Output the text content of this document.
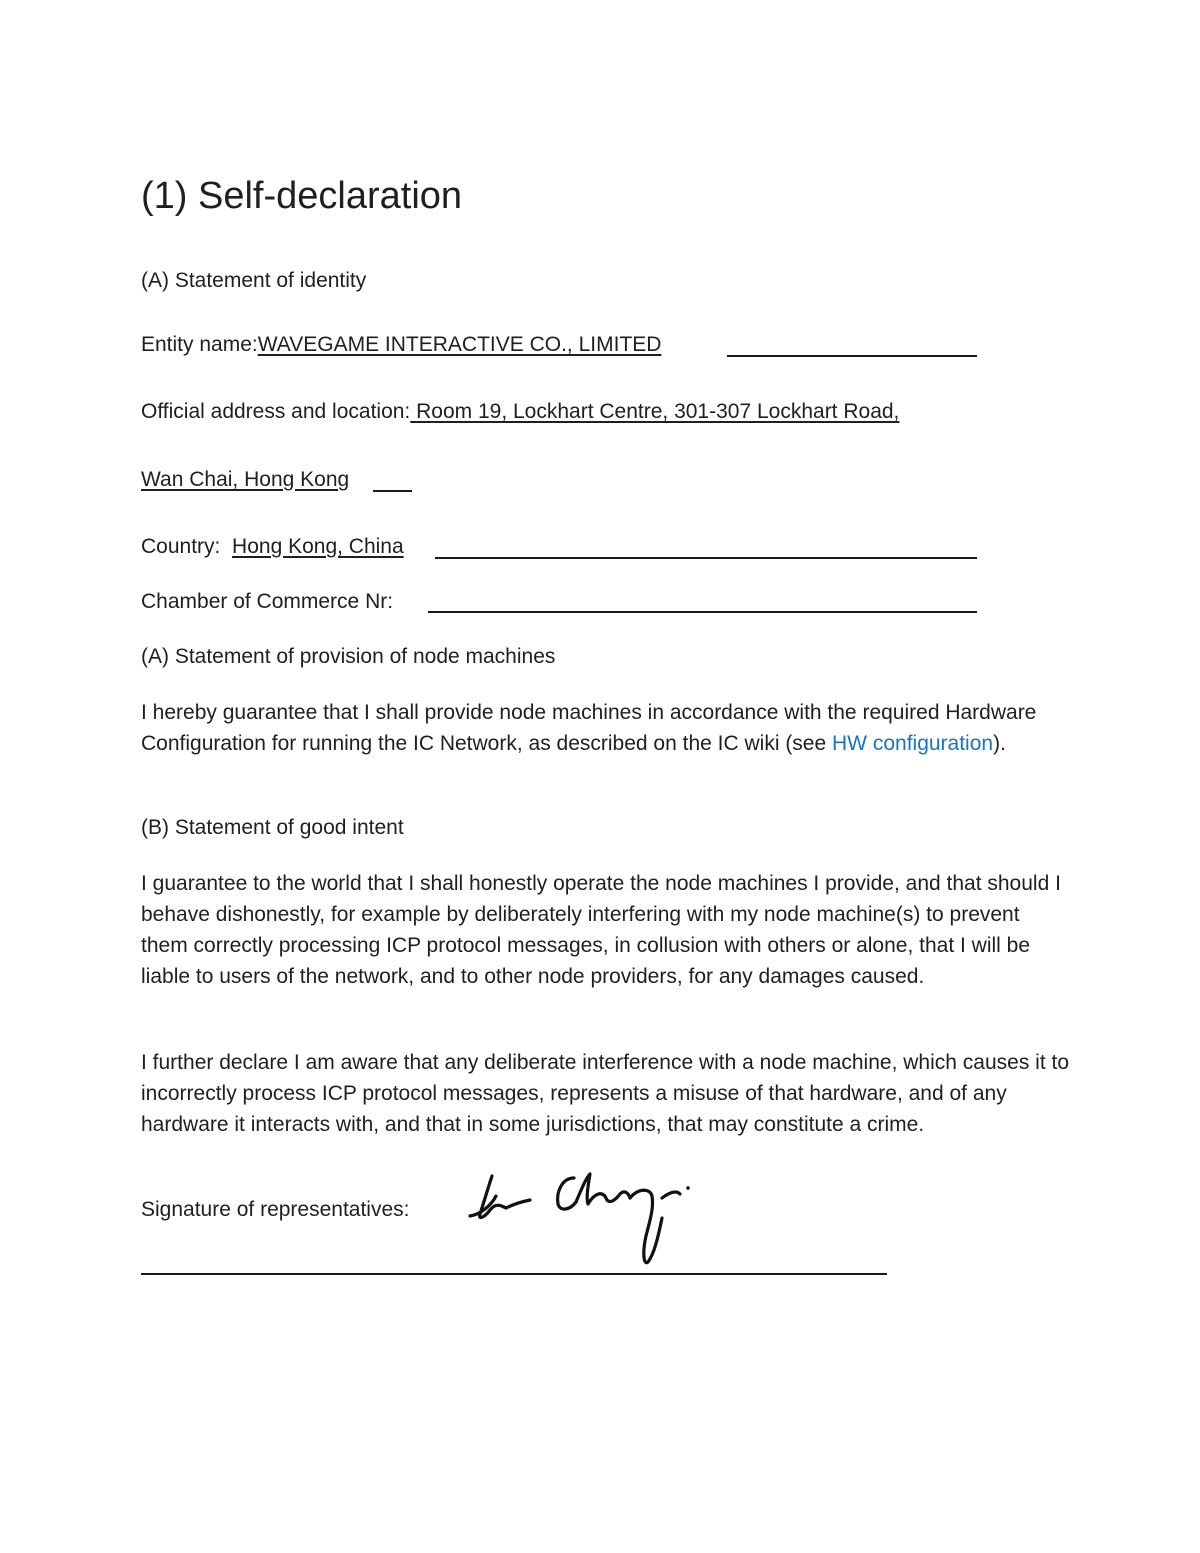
(1) Self-declaration
(A) Statement of identity
Entity name:WAVEGAME INTERACTIVE CO., LIMITED
Official address and location: Room 19, Lockhart Centre, 301-307 Lockhart Road,
Wan Chai, Hong Kong
Country: Hong Kong, China
Chamber of Commerce Nr:
(A) Statement of provision of node machines

I hereby guarantee that I shall provide node machines in accordance with the required Hardware Configuration for running the IC Network, as described on the IC wiki (see HW configuration).

(B) Statement of good intent

I guarantee to the world that I shall honestly operate the node machines I provide, and that should I behave dishonestly, for example by deliberately interfering with my node machine(s) to prevent them correctly processing ICP protocol messages, in collusion with others or alone, that I will be liable to users of the network, and to other node providers, for any damages caused.

I further declare I am aware that any deliberate interference with a node machine, which causes it to incorrectly process ICP protocol messages, represents a misuse of that hardware, and of any hardware it interacts with, and that in some jurisdictions, that may constitute a crime.

Signature of representatives:
